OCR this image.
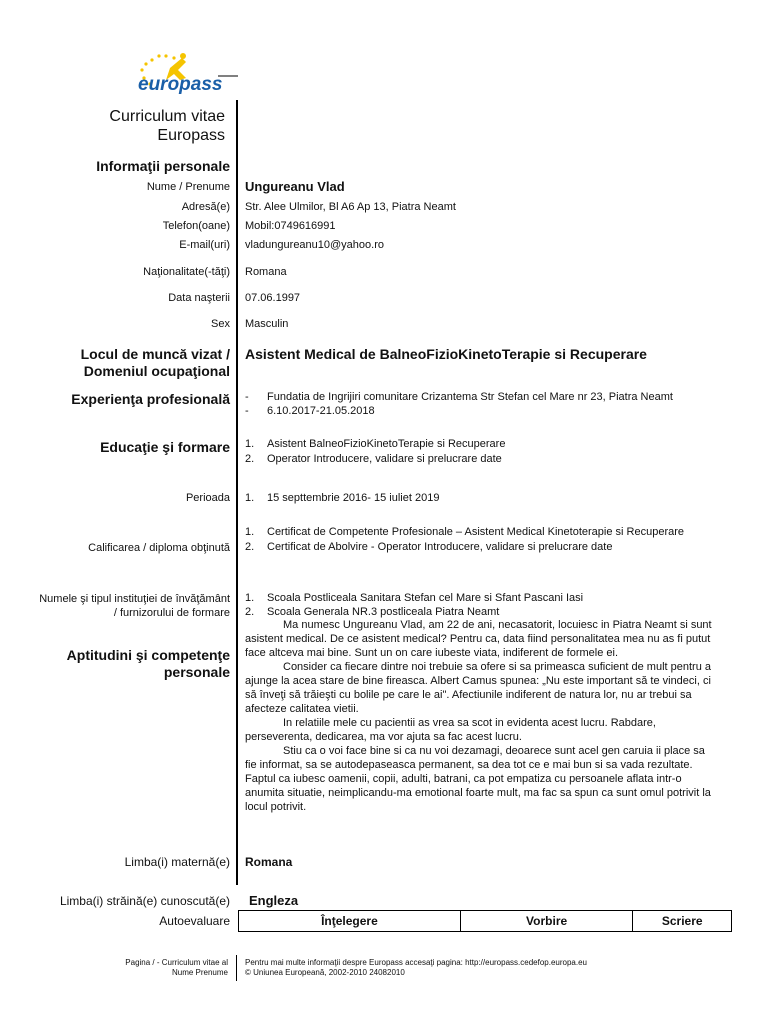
europass
Curriculum vitae
Europass
Informaţii personale
Nume / Prenume Ungureanu Vlad
Adresă(e) Str. Alee Ulmilor, Bl A6 Ap 13, Piatra Neamt
Telefon(oane) Mobil:0749616991
E-mail(uri) vladungureanu10@yahoo.ro
Naţionalitate(-tăţi) Romana
Data naşterii 07.06.1997
Sex Masculin
Locul de muncă vizat /
Domeniul ocupaţional
Asistent Medical de BalneoFizioKinetoTerapie si Recuperare
Experienţa profesională - Fundatia de Ingrijiri comunitare Crizantema Str Stefan cel Mare nr 23, Piatra Neamt
- 6.10.2017-21.05.2018
Educaţie şi formare 1. Asistent BalneoFizioKinetoTerapie si Recuperare
2. Operator Introducere, validare si prelucrare date
Perioada 1. 15 septtembrie 2016- 15 iuliet 2019
Calificarea / diploma obţinută
1. Certificat de Competente Profesionale – Asistent Medical Kinetoterapie si Recuperare
2. Certificat de Abolvire - Operator Introducere, validare si prelucrare date
Numele şi tipul instituţiei de învăţământ
/ furnizorului de formare
1. Scoala Postliceala Sanitara Stefan cel Mare si Sfant Pascani Iasi
2. Scoala Generala NR.3 postliceala Piatra Neamt
Aptitudini şi competenţe
personale

Ma numesc Ungureanu Vlad, am 22 de ani, necasatorit, locuiesc in Piatra Neamt si sunt asistent medical. De ce asistent medical? Pentru ca, data fiind personalitatea mea nu as fi putut face altceva mai bine. Sunt un on care iubeste viata, indiferent de formele ei.

Consider ca fiecare dintre noi trebuie sa ofere si sa primeasca suficient de mult pentru a ajunge la acea stare de bine fireasca. Albert Camus spunea: „Nu este important să te vindeci, ci să înveţi să trăieşti cu bolile pe care le ai". Afectiunile indiferent de natura lor, nu ar trebui sa afecteze calitatea vietii.

In relatiile mele cu pacientii as vrea sa scot in evidenta acest lucru. Rabdare, perseverenta, dedicarea, ma vor ajuta sa fac acest lucru.

Stiu ca o voi face bine si ca nu voi dezamagi, deoarece sunt acel gen caruia ii place sa fie informat, sa se autodepaseasca permanent, sa dea tot ce e mai bun si sa vada rezultate. Faptul ca iubesc oamenii, copii, adulti, batrani, ca pot empatiza cu persoanele aflata intr-o anumita situatie, neimplicandu-ma emotional foarte mult, ma fac sa spun ca sunt omul potrivit la locul potrivit.

Limba(i) maternă(e) Romana
Limba(i) străină(e) cunoscută(e) Engleza
Autoevaluare	Înţelegere	Vorbire	Scriere
Pagina / - Curriculum vitae al
Nume Prenume
Pentru mai multe informaţii despre Europass accesaţi pagina: http://europass.cedefop.europa.eu
© Uniunea Europeană, 2002-2010 24082010
